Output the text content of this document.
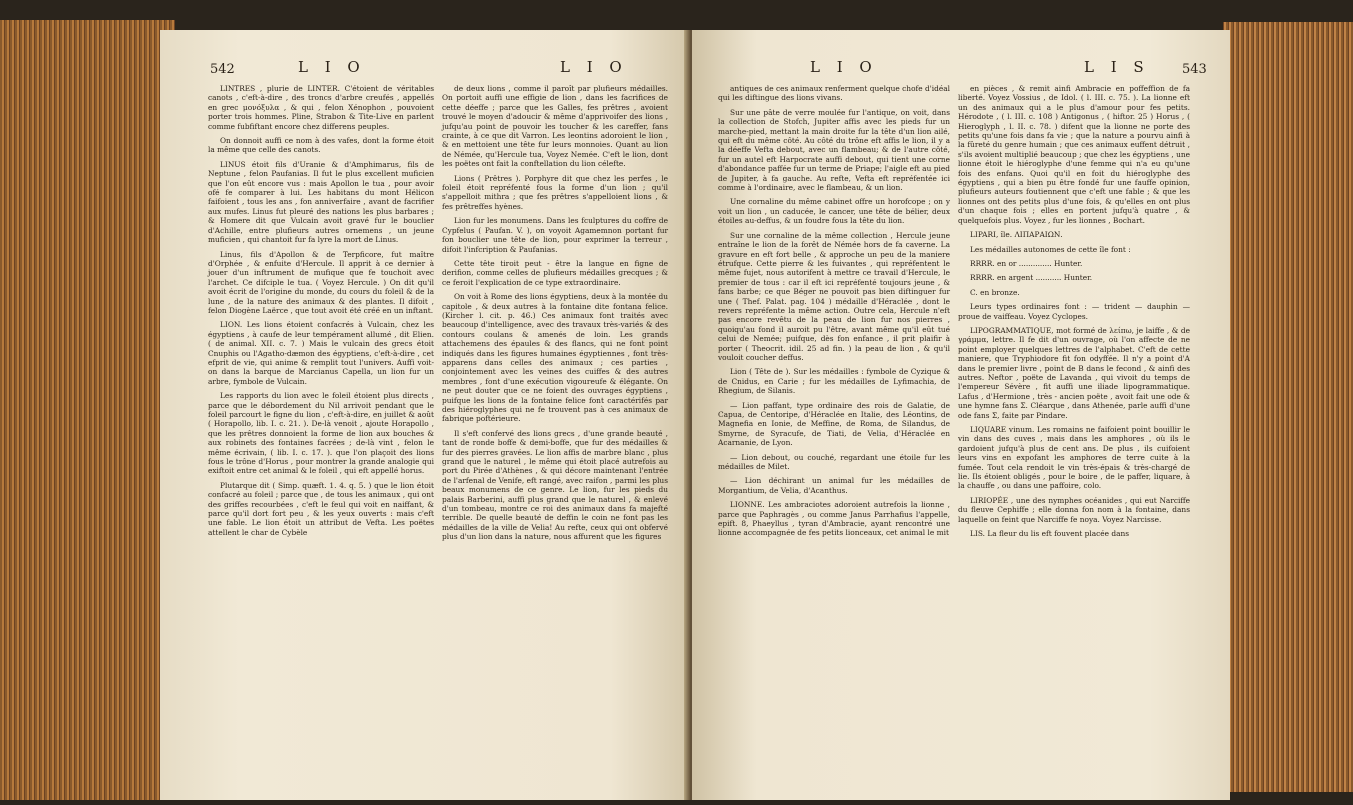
542	L I O	L I O

LINTRES , plurie de LINTER. C'étoient de véritables canots , c'eft-à-dire , des troncs d'arbre creufés , appellés en grec μονόξυλα , & qui , felon Xénophon , pouvoient porter trois hommes. Pline, Strabon & Tite-Live en parlent comme fubfiftant encore chez differens peuples.

On donnoit auffi ce nom à des vafes, dont la forme étoit la même que celle des canots.

LINUS étoit fils d'Uranie & d'Amphimarus, fils de Neptune , felon Paufanias. Il fut le plus excellent muficien que l'on eût encore vus : mais Apollon le tua , pour avoir ofé fe comparer à lui. Les habitans du mont Hélicon faifoient , tous les ans , fon anniverfaire , avant de facrifier aux mufes. Linus fut pleuré des nations les plus barbares ; & Homere dit que Vulcain avoit gravé fur le bouclier d'Achille, entre plufieurs autres ornemens , un jeune muficien , qui chantoit fur fa lyre la mort de Linus.

Linus, fils d'Apollon & de Terpficore, fut maître d'Orphée , & enfuite d'Hercule. Il apprit à ce dernier à jouer d'un inftrument de mufique que fe touchoit avec l'archet. Ce difciple le tua. ( Voyez Hercule. ) On dit qu'il avoit écrit de l'origine du monde, du cours du foleil & de la lune , de la nature des animaux & des plantes. Il difoit , felon Diogène Laërce , que tout avoit été créé en un inftant.

LION. Les lions étoient confacrés à Vulcain, chez les égyptiens , à caufe de leur tempérament allumé , dit Elien. ( de animal. XII. c. 7. ) Mais le vulcain des grecs étoit Cnuphis ou l'Agatho-dæmon des égyptiens, c'eft-à-dire , cet efprit de vie, qui anime & remplit tout l'univers. Auffi voit-on dans la barque de Marcianus Capella, un lion fur un arbre, fymbole de Vulcain.

Les rapports du lion avec le foleil étoient plus directs , parce que le débordement du Nil arrivoit pendant que le foleil parcourt le figne du lion , c'eft-à-dire, en juillet & août ( Horapollo, lib. I. c. 21. ). De-là venoit , ajoute Horapollo , que les prêtres donnoient la forme de lion aux bouches & aux robinets des fontaines facrées ; de-là vint , felon le même écrivain, ( lib. I. c. 17. ). que l'on plaçoit des lions fous le trône d'Horus , pour montrer la grande analogie qui exiftoit entre cet animal & le foleil , qui eft appellé horus.

Plutarque dit ( Simp. quæft. 1. 4. q. 5. ) que le lion étoit confacré au foleil ; parce que , de tous les animaux , qui ont des griffes recourbées , c'eft le feul qui voit en naiffant, & parce qu'il dort fort peu , & les yeux ouverts : mais c'eft une fable. Le lion étoit un attribut de Vefta. Les poëtes attellent le char de Cybèle

de deux lions , comme il paroît par plufieurs médailles. On portoit auffi une effigie de lion , dans les facrifices de cette déeffe ; parce que les Galles, fes prêtres , avoient trouvé le moyen d'adoucir & même d'apprivoifer des lions , jufqu'au point de pouvoir les toucher & les careffer, fans crainte, à ce que dit Varron. Les leontins adoroient le lion , & en mettoient une tête fur leurs monnoies. Quant au lion de Némée, qu'Hercule tua, Voyez Nemée. C'eft le lion, dont les poëtes ont fait la conftellation du lion célefte.

Lions ( Prêtres ). Porphyre dit que chez les perfes , le foleil étoit repréfenté fous la forme d'un lion ; qu'il s'appelloit mithra ; que fes prêtres s'appelloient lions , & fes prêtreffes hyènes.

Lion fur les monumens. Dans les fculptures du coffre de Cypfelus ( Paufan. V. ), on voyoit Agamemnon portant fur fon bouclier une tête de lion, pour exprimer la terreur , difoit l'infcription & Paufanias.

Cette tête tiroit peut - être la langue en figne de derifion, comme celles de plufieurs médailles grecques ; & ce feroit l'explication de ce type extraordinaire.

On voit à Rome des lions égyptiens, deux à la montée du capitole , & deux autres à la fontaine dite fontana felice. (Kircher l. cit. p. 46.) Ces animaux font traités avec beaucoup d'intelligence, avec des travaux très-variés & des contours coulans & amenés de loin. Les grands attachemens des épaules & des flancs, qui ne font point indiqués dans les figures humaines égyptiennes , font très-apparens dans celles des animaux ; ces parties , conjointement avec les veines des cuiffes & des autres membres , font d'une exécution vigoureufe & élégante. On ne peut douter que ce ne foient des ouvrages égyptiens , puifque les lions de la fontaine felice font caractérifés par des hiéroglyphes qui ne fe trouvent pas à ces animaux de fabrique poftérieure.

Il s'eft confervé des lions grecs , d'une grande beauté , tant de ronde boffe & demi-boffe, que fur des médailles & fur des pierres gravées. Le lion affis de marbre blanc , plus grand que le naturel , le même qui étoit placé autrefois au port du Pirée d'Athènes , & qui décore maintenant l'entrée de l'arfenal de Venife, eft rangé, avec raifon , parmi les plus beaux monumens de ce genre. Le lion, fur les pieds du palais Barberini, auffi plus grand que le naturel , & enlevé d'un tombeau, montre ce roi des animaux dans fa majefté terrible. De quelle beauté de deffin le coin ne font pas les médailles de la ville de Velia! Au refte, ceux qui ont obfervé plus d'un lion dans la nature, nous affurent que les figures

L I O	L I S 543

antiques de ces animaux renferment quelque chofe d'idéal qui les diftingue des lions vivans.

Sur une pâte de verre moulée fur l'antique, on voit, dans la collection de Stofch, Jupiter affis avec les pieds fur un marche-pied, mettant la main droite fur la tête d'un lion ailé, qui eft du même côté. Au côté du trône eft affis le lion, il y a la déeffe Vefta debout, avec un flambeau; & de l'autre côté, fur un autel eft Harpocrate auffi debout, qui tient une corne d'abondance paffée fur un terme de Priape; l'aigle eft au pied de Jupiter, à fa gauche. Au refte, Vefta eft repréfentée ici comme à l'ordinaire, avec le flambeau, & un lion.

Une cornaline du même cabinet offre un horofcope ; on y voit un lion , un caducée, le cancer, une tête de bélier, deux étoiles au-deffus, & un foudre fous la tête du lion.

Sur une cornaline de la même collection , Hercule jeune entraîne le lion de la forêt de Némée hors de fa caverne. La gravure en eft fort belle , & approche un peu de la maniere étrufque. Cette pierre & les fuivantes , qui repréfentent le même fujet, nous autorifent à mettre ce travail d'Hercule, le premier de tous : car il eft ici repréfenté toujours jeune , & fans barbe; ce que Béger ne pouvoit pas bien diftinguer fur une ( Thef. Palat. pag. 104 ) médaille d'Héraclée , dont le revers repréfente la même action. Outre cela, Hercule n'eft pas encore revêtu de la peau de lion fur nos pierres , quoiqu'au fond il auroit pu l'être, avant même qu'il eût tué celui de Nemée; puifque, dès fon enfance , il prit plaifir à porter ( Theocrit. idil. 25 ad fin. ) la peau de lion , & qu'il vouloit coucher deffus.

Lion ( Tête de ). Sur les médailles : fymbole de Cyzique & de Cnidus, en Carie ; fur les médailles de Lyfimachia, de Rhegium, de Silanis.

— Lion paffant, type ordinaire des rois de Galatie, de Capua, de Centoripe, d'Héraclée en Italie, des Léontins, de Magnefia en Ionie, de Meffine, de Roma, de Silandus, de Smyrne, de Syracufe, de Tiati, de Velia, d'Héraclée en Acarnanie, de Lyon.

— Lion debout, ou couché, regardant une étoile fur les médailles de Milet.

— Lion déchirant un animal fur les médailles de Morgantium, de Velia, d'Acanthus.

LIONNE. Les ambraciotes adoroient autrefois la lionne , parce que Paphragès , ou comme Janus Parrhafius l'appelle, epift. 8, Phaeyllus , tyran d'Ambracie, ayant rencontré une lionne accompagnée de fes petits lionceaux, cet animal le mit

en pièces , & remit ainfi Ambracie en poffeffion de fa liberté. Voyez Vossius , de Idol. ( l. III. c. 75. ). La lionne eft un des animaux qui a le plus d'amour pour fes petits. Hérodote , ( l. III. c. 108 ) Antigonus , ( hiftor. 25 ) Horus , ( Hieroglyph , l. II. c. 78. ) difent que la lionne ne porte des petits qu'une fois dans fa vie ; que la nature a pourvu ainfi à la fûreté du genre humain ; que ces animaux euffent détruit , s'ils avoient multiplié beaucoup ; que chez les égyptiens , une lionne étoit le hiéroglyphe d'une femme qui n'a eu qu'une fois des enfans. Quoi qu'il en foit du hiéroglyphe des égyptiens , qui a bien pu être fondé fur une fauffe opinion, plufieurs auteurs foutiennent que c'eft une fable ; & que les lionnes ont des petits plus d'une fois, & qu'elles en ont plus d'un chaque fois ; elles en portent jufqu'à quatre , & quelquefois plus. Voyez , fur les lionnes , Bochart.

LIPARI, île. ΛΙΠΑΡΑΙΩΝ.

Les médailles autonomes de cette île font :

RRRR. en or .............. Hunter.

RRRR. en argent ........... Hunter.

C. en bronze.

Leurs types ordinaires font : — trident — dauphin — proue de vaiffeau. Voyez Cyclopes.

LIPOGRAMMATIQUE, mot formé de λείπω, je laiffe , & de γράμμα, lettre. Il fe dit d'un ouvrage, où l'on affecte de ne point employer quelques lettres de l'alphabet. C'eft de cette maniere, que Tryphiodore fit fon odyffée. Il n'y a point d'A dans le premier livre , point de B dans le fecond , & ainfi des autres. Neftor , poëte de Lavanda , qui vivoit du temps de l'empereur Sévère , fit auffi une iliade lipogrammatique. Lafus , d'Hermione , très - ancien poëte , avoit fait une ode & une hymne fans Σ. Cléarque , dans Athenée, parle auffi d'une ode fans Σ, faite par Pindare.

LIQUARE vinum. Les romains ne faifoient point bouillir le vin dans des cuves , mais dans les amphores , où ils le gardoient jufqu'à plus de cent ans. De plus , ils cuifoient leurs vins en expofant les amphores de terre cuite à la fumée. Tout cela rendoit le vin très-épais & très-chargé de lie. Ils étoient obligés , pour le boire , de le paffer, liquare, à la chauffe , ou dans une paffoire, colo.

LIRIOPÉE , une des nymphes océanides , qui eut Narciffe du fleuve Cephiffe ; elle donna fon nom à la fontaine, dans laquelle on feint que Narciffe fe noya. Voyez Narcisse.

LIS. La fleur du lis eft fouvent placée dans
